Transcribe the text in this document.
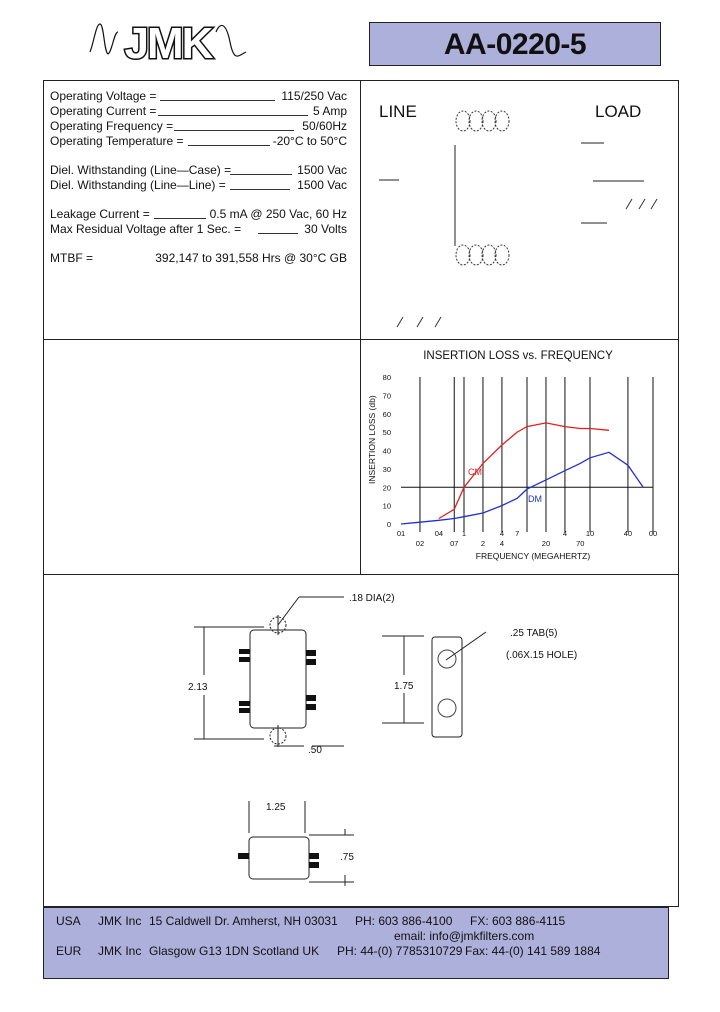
JMK	AA-0220-5
Operating Voltage =	115/250 Vac
Operating Current =	5 Amp
Operating Frequency =	50/60Hz
Operating Temperature =	-20°C to 50°C
Diel. Withstanding (Line—Case) =	1500 Vac
Diel. Withstanding (Line—Line) =	1500 Vac
Leakage Current =	0.5 mA @ 250 Vac, 60 Hz
Max Residual Voltage after 1 Sec. =	30 Volts
MTBF =	392,147 to 391,558 Hrs @ 30°C GB
LINE	LOAD
INSERTION LOSS vs. FREQUENCY
INSERTION LOSS (db)
FREQUENCY (MEGAHERTZ)
CM
DM
0
10
20
30
40
50
60
70
80
01	04	1	4 7	4	10	40 00
02	07	2 4	20	70
.18 DIA(2)
2.13
.50
.25 TAB(5)
(.06X.15 HOLE)
1.75
1.25
.75
USA JMK Inc 15 Caldwell Dr. Amherst, NH 03031 PH: 603 886-4100 FX: 603 886-4115
email: info@jmkfilters.com
EUR JMK Inc Glasgow G13 1DN Scotland UK PH: 44-(0) 7785310729 Fax: 44-(0) 141 589 1884
